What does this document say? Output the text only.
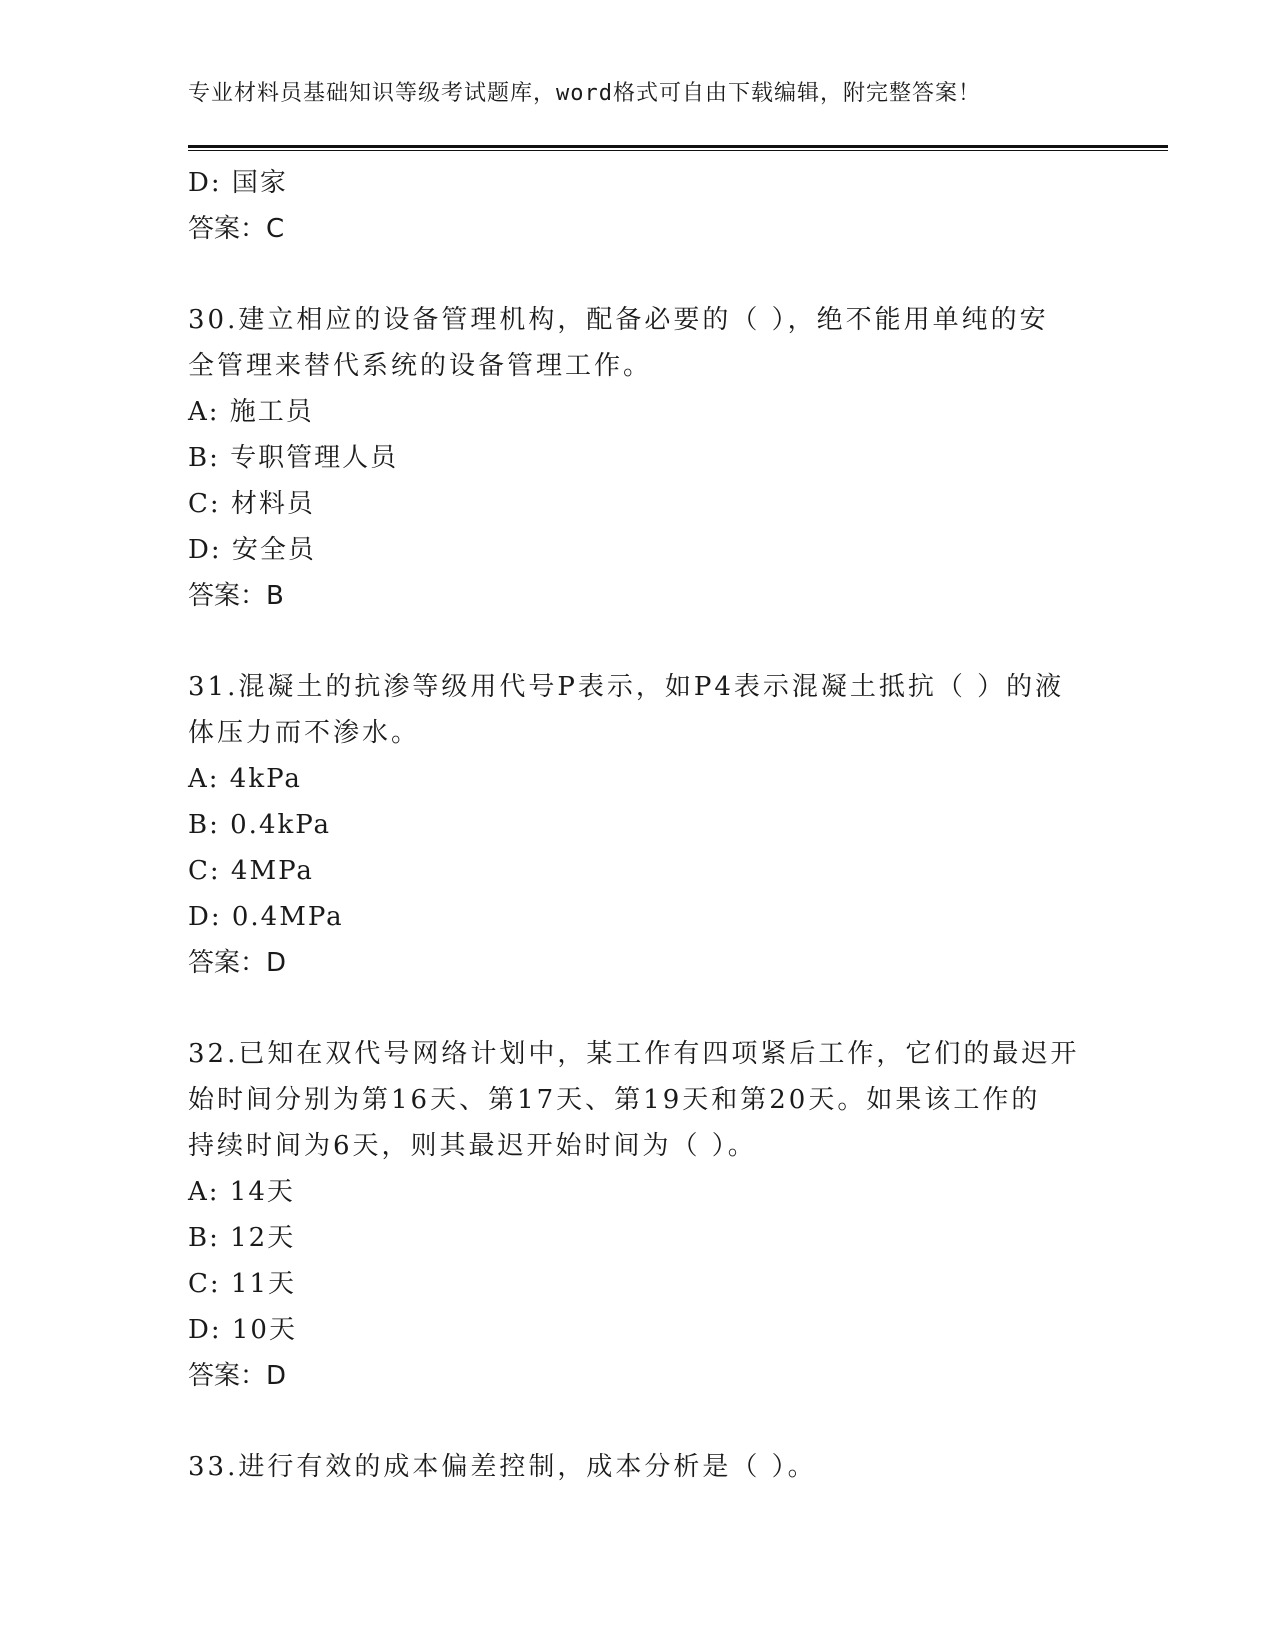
专业材料员基础知识等级考试题库，word格式可自由下载编辑，附完整答案！
D: 国家
答案：C
30.建立相应的设备管理机构，配备必要的（ ），绝不能用单纯的安
全管理来替代系统的设备管理工作。
A: 施工员
B: 专职管理人员
C: 材料员
D: 安全员
答案：B
31.混凝土的抗渗等级用代号P表示，如P4表示混凝土抵抗（ ）的液
体压力而不渗水。
A: 4kPa
B: 0.4kPa
C: 4MPa
D: 0.4MPa
答案：D
32.已知在双代号网络计划中，某工作有四项紧后工作，它们的最迟开
始时间分别为第16天、第17天、第19天和第20天。如果该工作的
持续时间为6天，则其最迟开始时间为（ ）。
A: 14天
B: 12天
C: 11天
D: 10天
答案：D
33.进行有效的成本偏差控制，成本分析是（ ）。
